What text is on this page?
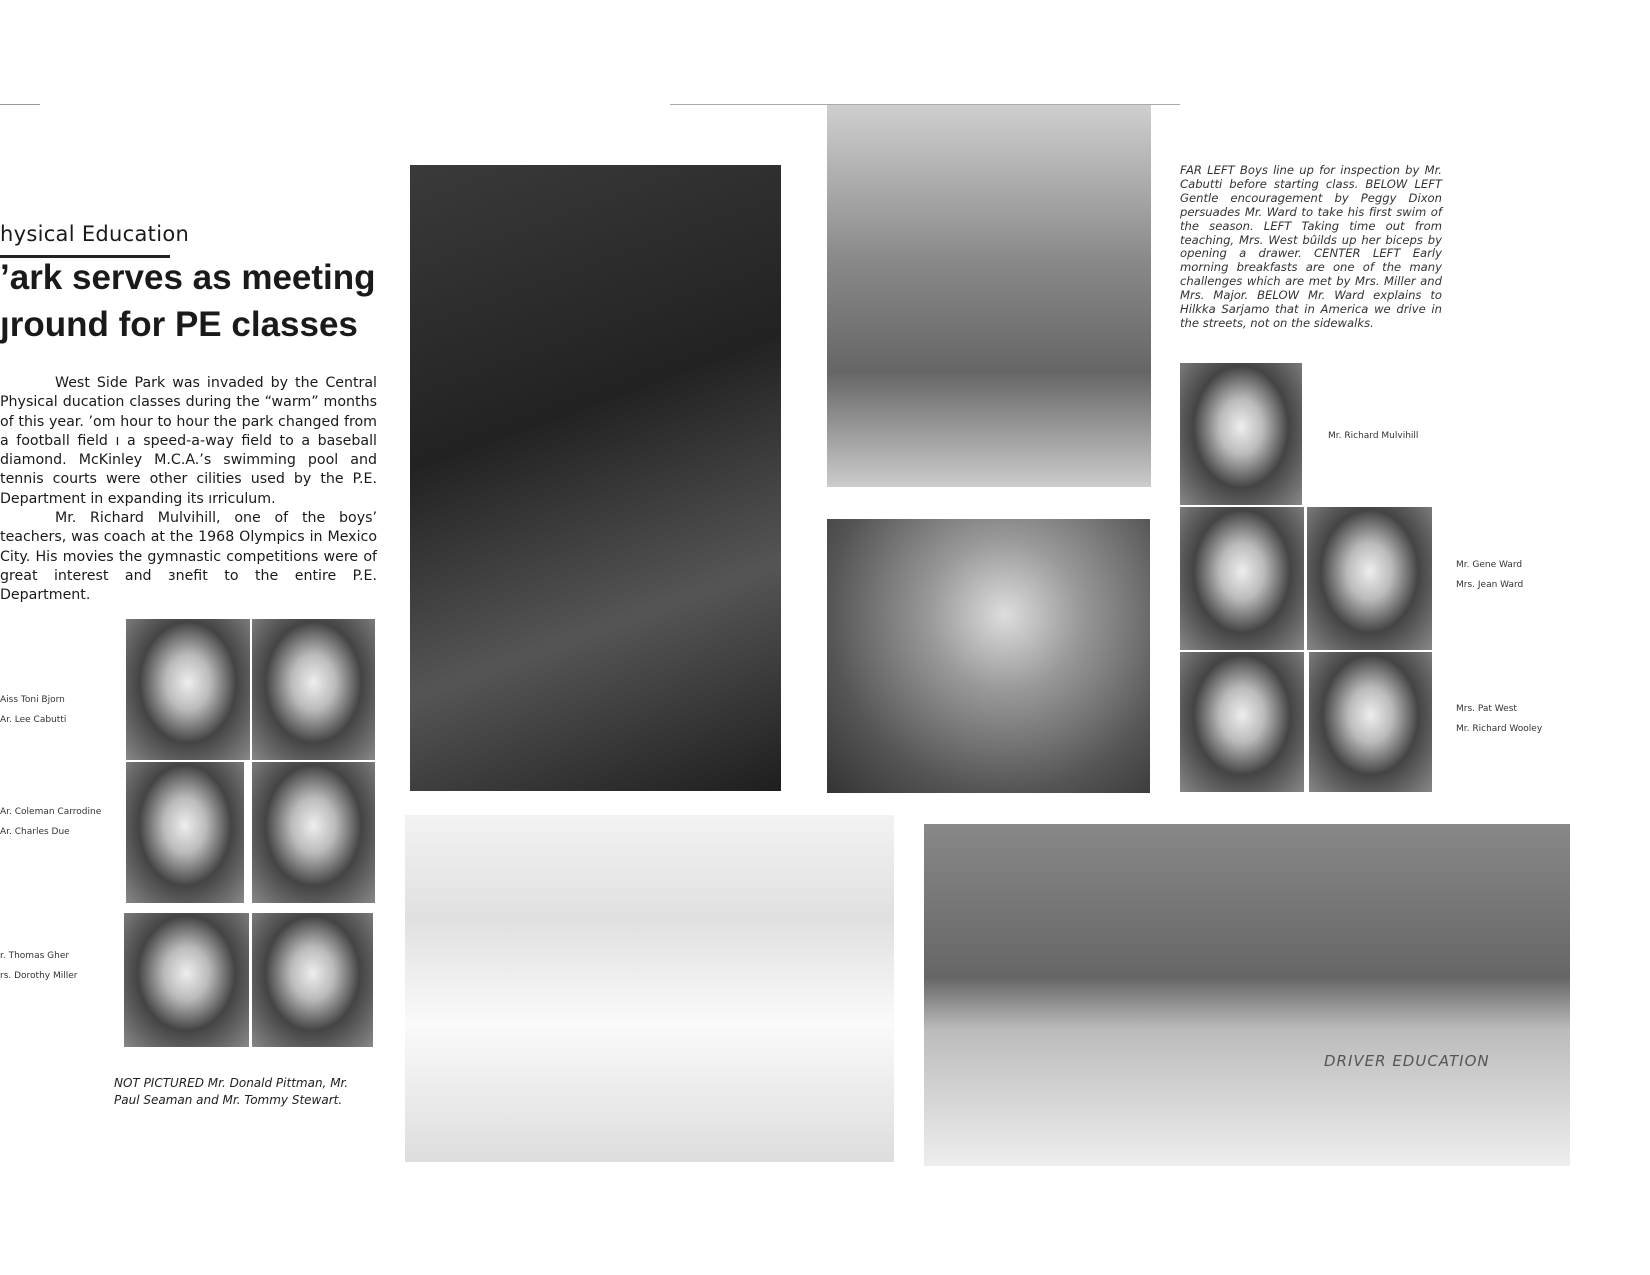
hysical Education
’ark serves as meeting
ȷround for PE classes

West Side Park was invaded by the Central Physical ducation classes during the “warm” months of this year. ’om hour to hour the park changed from a football field ı a speed-a-way field to a baseball diamond. McKinley M.C.A.’s swimming pool and tennis courts were other cilities used by the P.E. Department in expanding its ırriculum.

Mr. Richard Mulvihill, one of the boys’ teachers, was coach at the 1968 Olympics in Mexico City. His movies the gymnastic competitions were of great interest and ɜnefit to the entire P.E. Department.

Aiss Toni Bjorn
Ar. Lee Cabutti
Ar. Coleman Carrodine
Ar. Charles Due
r. Thomas Gher
rs. Dorothy Miller
NOT PICTURED Mr. Donald Pittman, Mr. Paul Seaman and Mr. Tommy Stewart.
DRIVER EDUCATION
FAR LEFT Boys line up for inspection by Mr. Cabutti before starting class. BELOW LEFT Gentle encouragement by Peggy Dixon persuades Mr. Ward to take his first swim of the season. LEFT Taking time out from teaching, Mrs. West bûilds up her biceps by opening a drawer. CENTER LEFT Early morning breakfasts are one of the many challenges which are met by Mrs. Miller and Mrs. Major. BELOW Mr. Ward explains to Hilkka Sarjamo that in America we drive in the streets, not on the sidewalks.
Mr. Richard Mulvihill
Mr. Gene Ward
Mrs. Jean Ward
Mrs. Pat West
Mr. Richard Wooley
